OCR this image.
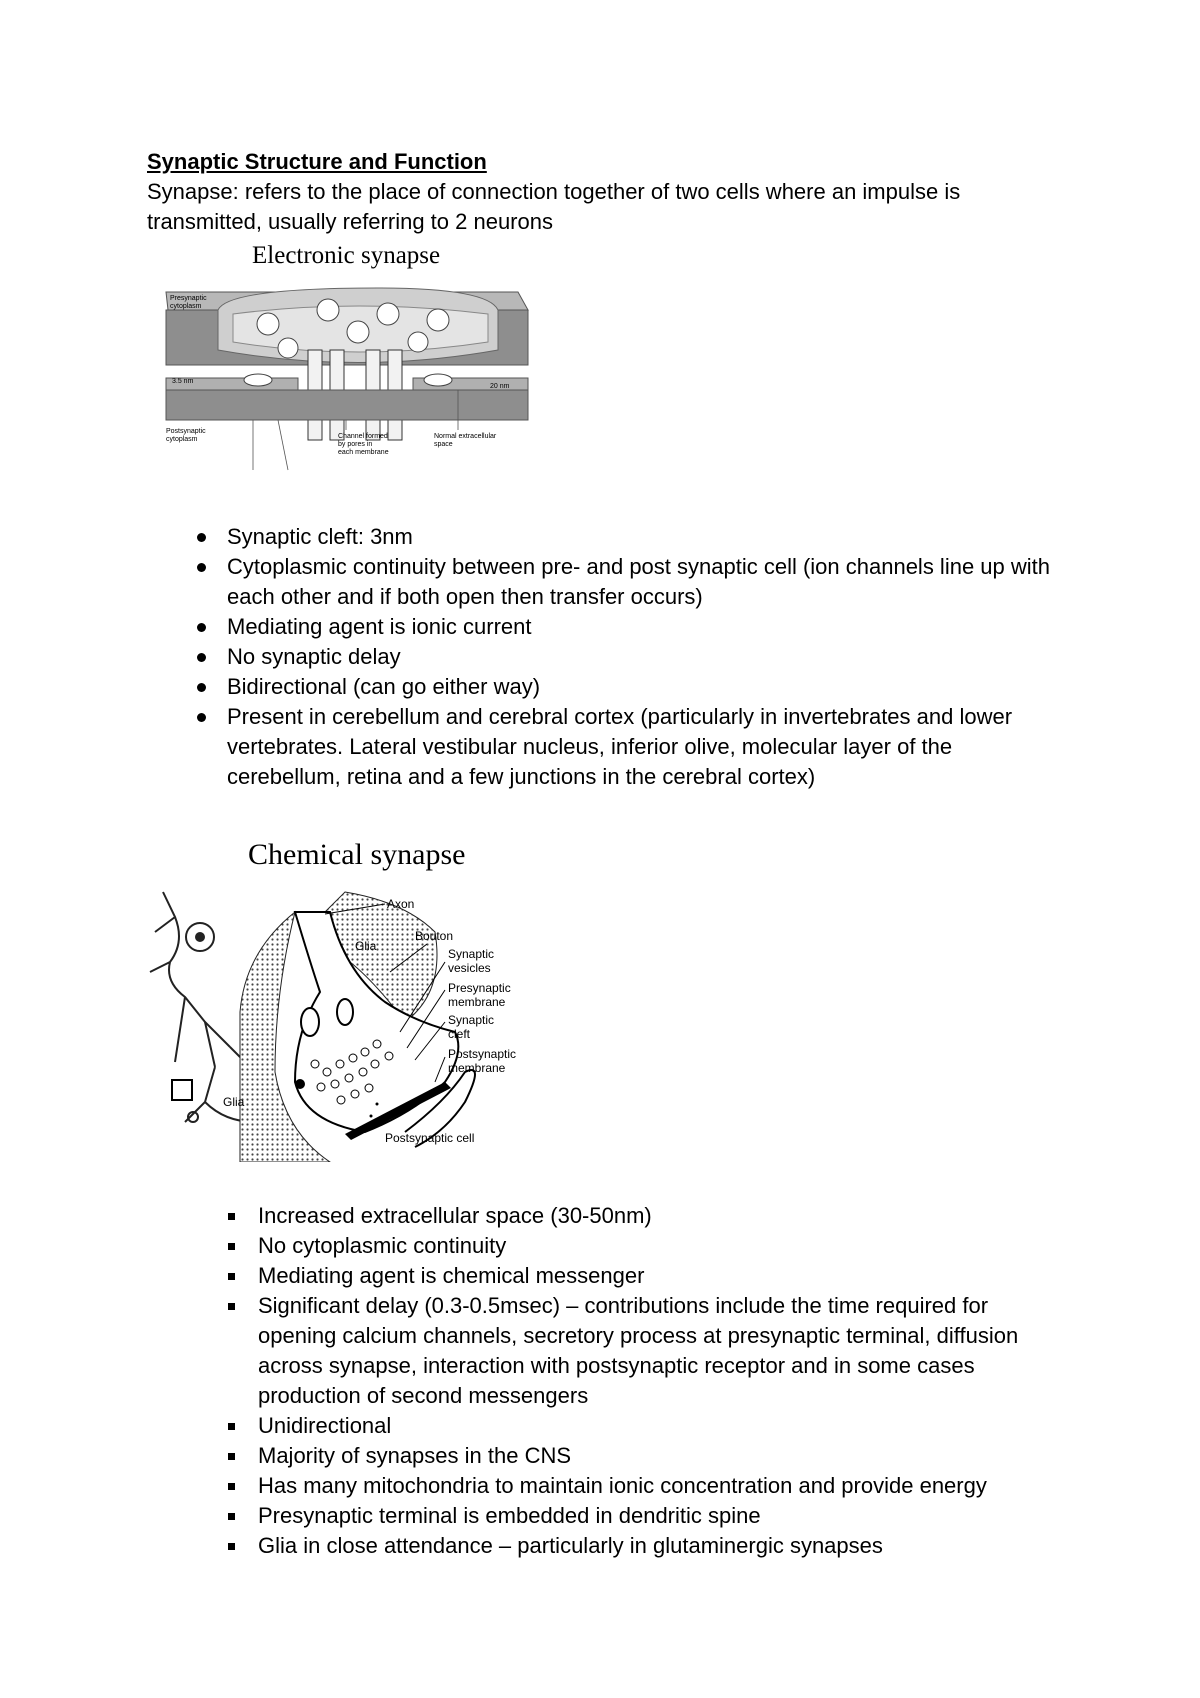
Synaptic Structure and Function
Synapse: refers to the place of connection together of two cells where an impulse is
transmitted, usually referring to 2 neurons
Electronic synapse
Presynaptic
cytoplasm
3.5 nm
20 nm
Postsynaptic
cytoplasm	Channel formed
by pores in
each membrane
Normal extracellular
space
Synaptic cleft: 3nm
Cytoplasmic continuity between pre- and post synaptic cell (ion channels line up with each other and if both open then transfer occurs)
Mediating agent is ionic current
No synaptic delay
Bidirectional (can go either way)
Present in cerebellum and cerebral cortex (particularly in invertebrates and lower vertebrates. Lateral vestibular nucleus, inferior olive, molecular layer of the cerebellum, retina and a few junctions in the cerebral cortex)
Chemical synapse
Axon
Glia
Bouton
Synaptic
vesicles
Presynaptic
membrane
Synaptic
cleft
Postsynaptic
membrane
Glia
Postsynaptic cell
Increased extracellular space (30-50nm)
No cytoplasmic continuity
Mediating agent is chemical messenger
Significant delay (0.3-0.5msec) – contributions include the time required for opening calcium channels, secretory process at presynaptic terminal, diffusion across synapse, interaction with postsynaptic receptor and in some cases production of second messengers
Unidirectional
Majority of synapses in the CNS
Has many mitochondria to maintain ionic concentration and provide energy
Presynaptic terminal is embedded in dendritic spine
Glia in close attendance – particularly in glutaminergic synapses
